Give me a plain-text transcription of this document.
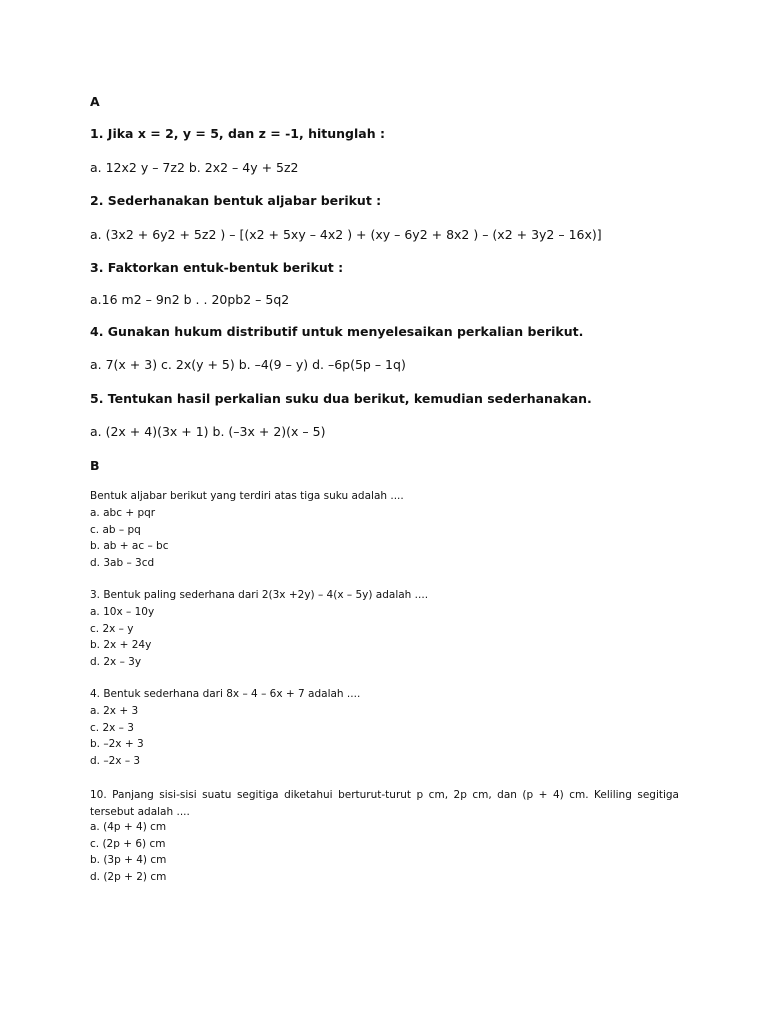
A
1. Jika x = 2, y = 5, dan z = -1, hitunglah :
a. 12x2 y – 7z2 b. 2x2 – 4y + 5z2
2. Sederhanakan bentuk aljabar berikut :
a. (3x2 + 6y2 + 5z2 ) – [(x2 + 5xy – 4x2 ) + (xy – 6y2 + 8x2 ) – (x2 + 3y2 – 16x)]
3. Faktorkan entuk-bentuk berikut :
a.16 m2 – 9n2 b . . 20pb2 – 5q2
4. Gunakan hukum distributif untuk menyelesaikan perkalian berikut.
a. 7(x + 3) c. 2x(y + 5) b. –4(9 – y) d. –6p(5p – 1q)
5. Tentukan hasil perkalian suku dua berikut, kemudian sederhanakan.
a. (2x + 4)(3x + 1) b. (–3x + 2)(x – 5)
B
Bentuk aljabar berikut yang terdiri atas tiga suku adalah ....
a. abc + pqr
c. ab – pq
b. ab + ac – bc
d. 3ab – 3cd
3. Bentuk paling sederhana dari 2(3x +2y) – 4(x – 5y) adalah ....
a. 10x – 10y
c. 2x – y
b. 2x + 24y
d. 2x – 3y
4. Bentuk sederhana dari 8x – 4 – 6x + 7 adalah ....
a. 2x + 3
c. 2x – 3
b. –2x + 3
d. –2x – 3
10. Panjang sisi-sisi suatu segitiga diketahui berturut-turut p cm, 2p cm, dan (p + 4) cm. Keliling segitiga tersebut adalah ....
a. (4p + 4) cm
c. (2p + 6) cm
b. (3p + 4) cm
d. (2p + 2) cm
